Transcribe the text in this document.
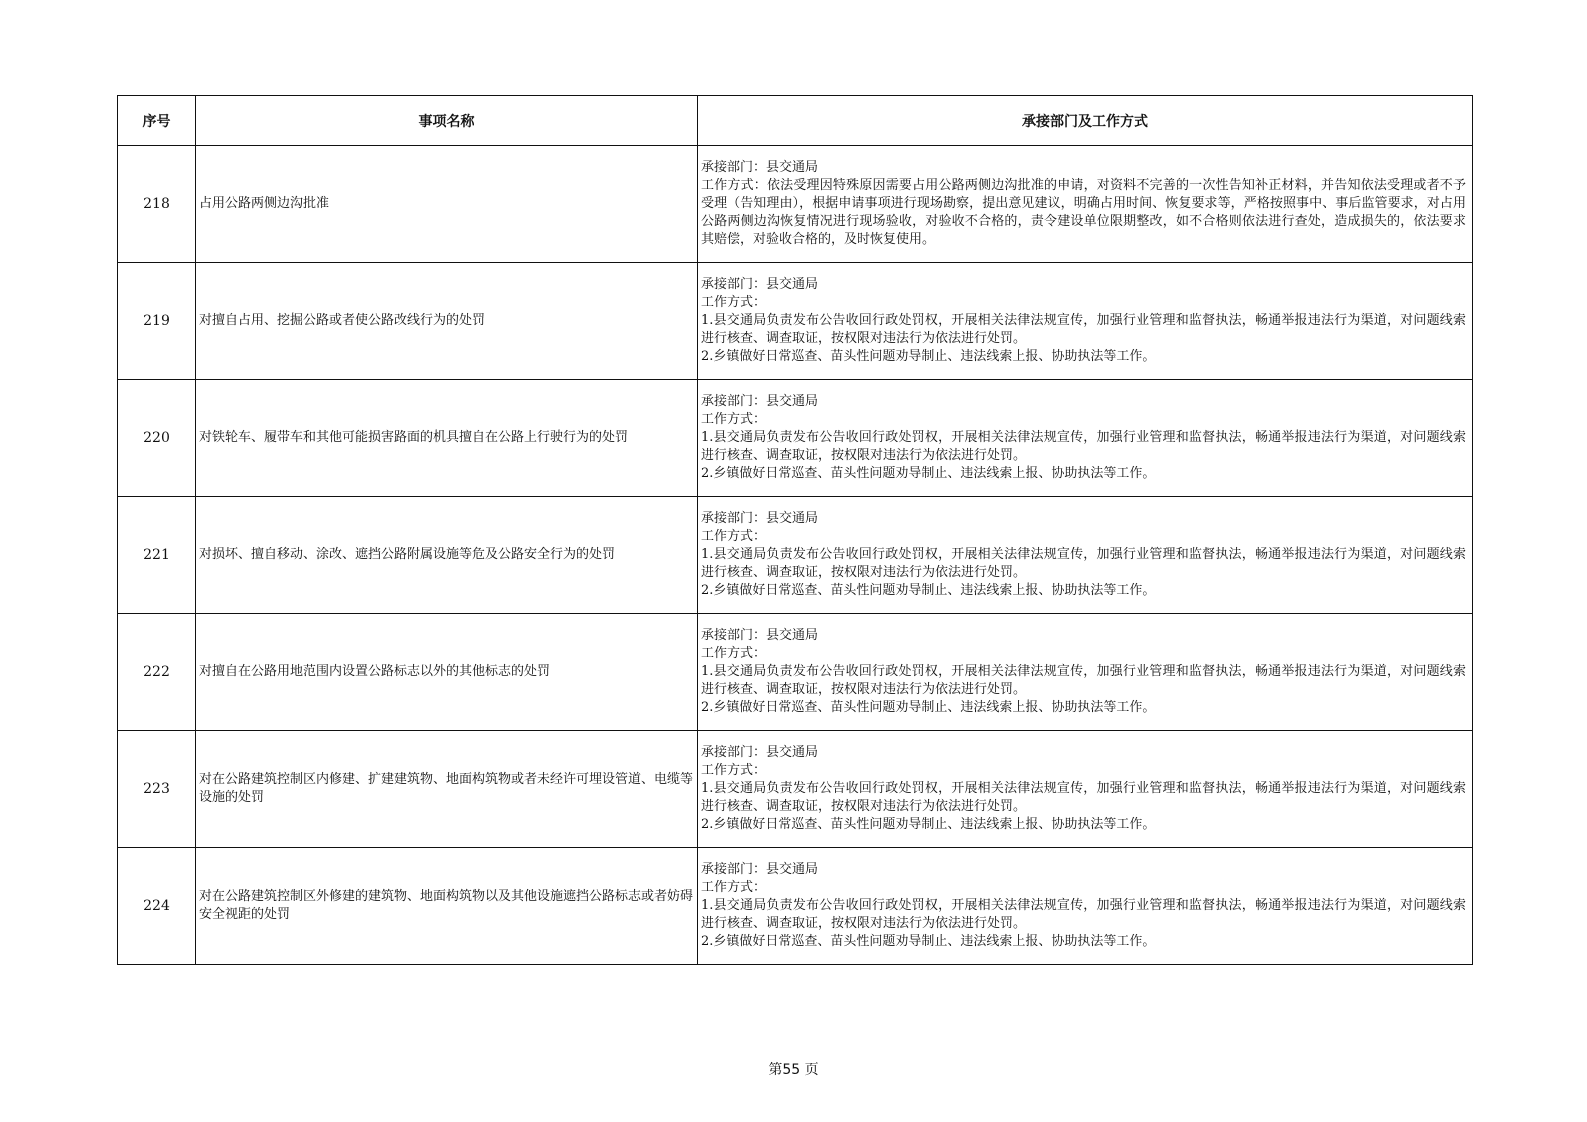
序号	事项名称	承接部门及工作方式
218	占用公路两侧边沟批准	承接部门：县交通局
工作方式：依法受理因特殊原因需要占用公路两侧边沟批准的申请，对资料不完善的一次性告知补正材料，并告知依法受理或者不予受理（告知理由），根据申请事项进行现场勘察，提出意见建议，明确占用时间、恢复要求等，严格按照事中、事后监管要求，对占用公路两侧边沟恢复情况进行现场验收，对验收不合格的，责令建设单位限期整改，如不合格则依法进行查处，造成损失的，依法要求其赔偿，对验收合格的，及时恢复使用。

219	对擅自占用、挖掘公路或者使公路改线行为的处罚	承接部门：县交通局
工作方式：
1.县交通局负责发布公告收回行政处罚权，开展相关法律法规宣传，加强行业管理和监督执法，畅通举报违法行为渠道，对问题线索进行核查、调查取证，按权限对违法行为依法进行处罚。
2.乡镇做好日常巡查、苗头性问题劝导制止、违法线索上报、协助执法等工作。

220	对铁轮车、履带车和其他可能损害路面的机具擅自在公路上行驶行为的处罚	承接部门：县交通局
工作方式：
1.县交通局负责发布公告收回行政处罚权，开展相关法律法规宣传，加强行业管理和监督执法，畅通举报违法行为渠道，对问题线索进行核查、调查取证，按权限对违法行为依法进行处罚。
2.乡镇做好日常巡查、苗头性问题劝导制止、违法线索上报、协助执法等工作。

221	对损坏、擅自移动、涂改、遮挡公路附属设施等危及公路安全行为的处罚	承接部门：县交通局
工作方式：
1.县交通局负责发布公告收回行政处罚权，开展相关法律法规宣传，加强行业管理和监督执法，畅通举报违法行为渠道，对问题线索进行核查、调查取证，按权限对违法行为依法进行处罚。
2.乡镇做好日常巡查、苗头性问题劝导制止、违法线索上报、协助执法等工作。

222	对擅自在公路用地范围内设置公路标志以外的其他标志的处罚	承接部门：县交通局
工作方式：
1.县交通局负责发布公告收回行政处罚权，开展相关法律法规宣传，加强行业管理和监督执法，畅通举报违法行为渠道，对问题线索进行核查、调查取证，按权限对违法行为依法进行处罚。
2.乡镇做好日常巡查、苗头性问题劝导制止、违法线索上报、协助执法等工作。

223	对在公路建筑控制区内修建、扩建建筑物、地面构筑物或者未经许可埋设管道、电缆等设施的处罚	承接部门：县交通局
工作方式：
1.县交通局负责发布公告收回行政处罚权，开展相关法律法规宣传，加强行业管理和监督执法，畅通举报违法行为渠道，对问题线索进行核查、调查取证，按权限对违法行为依法进行处罚。
2.乡镇做好日常巡查、苗头性问题劝导制止、违法线索上报、协助执法等工作。

224	对在公路建筑控制区外修建的建筑物、地面构筑物以及其他设施遮挡公路标志或者妨碍安全视距的处罚	承接部门：县交通局
工作方式：
1.县交通局负责发布公告收回行政处罚权，开展相关法律法规宣传，加强行业管理和监督执法，畅通举报违法行为渠道，对问题线索进行核查、调查取证，按权限对违法行为依法进行处罚。
2.乡镇做好日常巡查、苗头性问题劝导制止、违法线索上报、协助执法等工作。
第55 页
